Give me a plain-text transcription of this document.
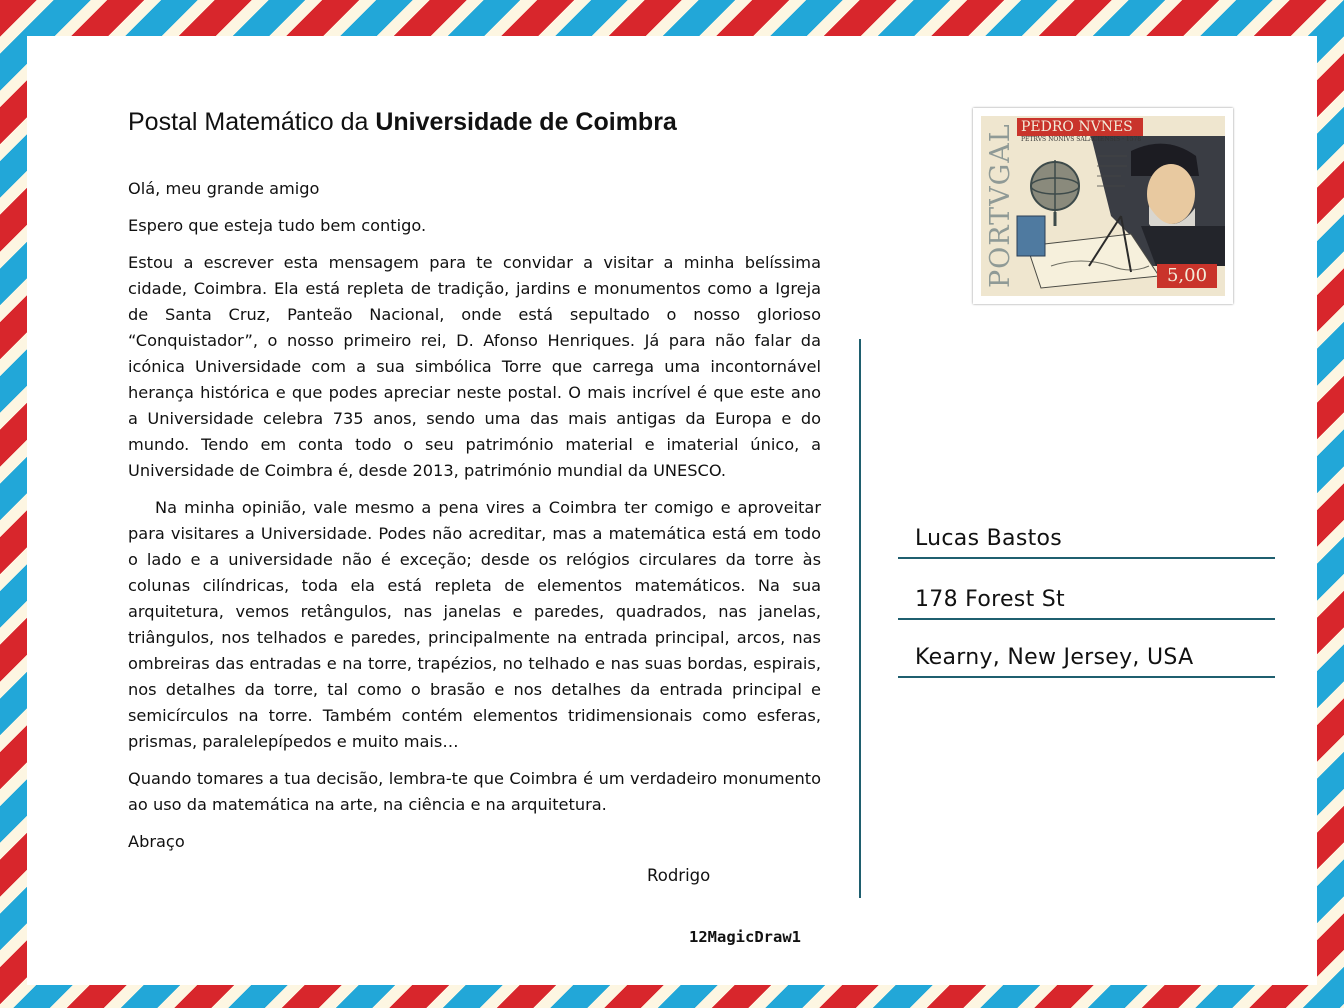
Postal Matemático da Universidade de Coimbra

Olá, meu grande amigo

Espero que esteja tudo bem contigo.

Estou a escrever esta mensagem para te convidar a visitar a minha belíssima cidade, Coimbra. Ela está repleta de tradição, jardins e monumentos como a Igreja de Santa Cruz, Panteão Nacional, onde está sepultado o nosso glorioso “Conquistador”, o nosso primeiro rei, D. Afonso Henriques. Já para não falar da icónica Universidade com a sua simbólica Torre que carrega uma incontornável herança histórica e que podes apreciar neste postal. O mais incrível é que este ano a Universidade celebra 735 anos, sendo uma das mais antigas da Europa e do mundo. Tendo em conta todo o seu património material e imaterial único, a Universidade de Coimbra é, desde 2013, património mundial da UNESCO.

Na minha opinião, vale mesmo a pena vires a Coimbra ter comigo e aproveitar para visitares a Universidade. Podes não acreditar, mas a matemática está em todo o lado e a universidade não é exceção; desde os relógios circulares da torre às colunas cilíndricas, toda ela está repleta de elementos matemáticos. Na sua arquitetura, vemos retângulos, nas janelas e paredes, quadrados, nas janelas, triângulos, nos telhados e paredes, principalmente na entrada principal, arcos, nas ombreiras das entradas e na torre, trapézios, no telhado e nas suas bordas, espirais, nos detalhes da torre, tal como o brasão e nos detalhes da entrada principal e semicírculos na torre. Também contém elementos tridimensionais como esferas, prismas, paralelepípedos e muito mais…

Quando tomares a tua decisão, lembra-te que Coimbra é um verdadeiro monumento ao uso da matemática na arte, na ciência e na arquitetura.

Abraço

Rodrigo
12MagicDraw1
PORTVGAL PEDRO NVNES
PETRVS NONIVS SALACIENSIS · 1578
5,00
Lucas Bastos
178 Forest St
Kearny, New Jersey, USA
